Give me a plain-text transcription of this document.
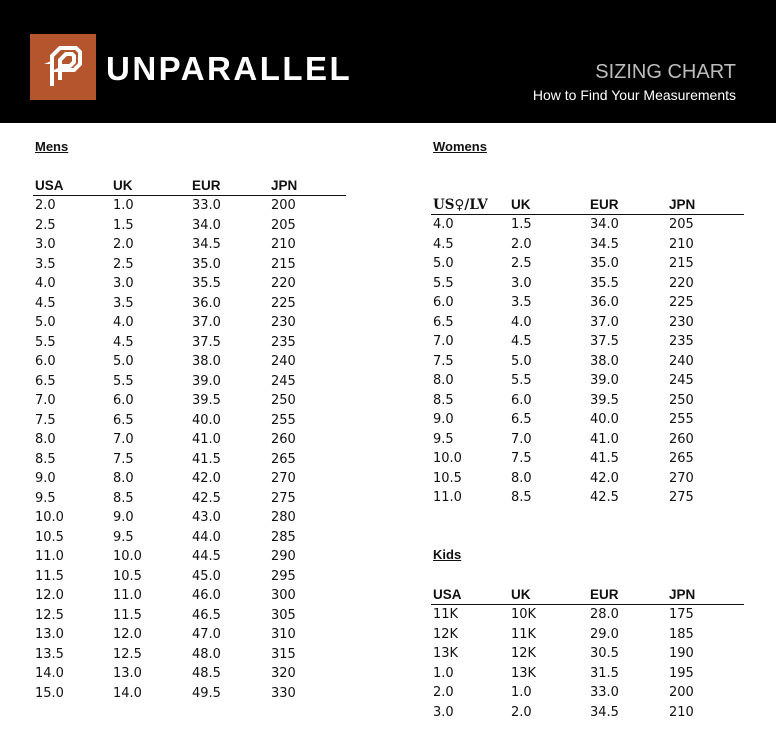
UNPARALLEL	SIZING CHART
How to Find Your Measurements
Mens
USA	UK	EUR	JPN
2.0	1.0	33.0	200
2.5	1.5	34.0	205
3.0	2.0	34.5	210
3.5	2.5	35.0	215
4.0	3.0	35.5	220
4.5	3.5	36.0	225
5.0	4.0	37.0	230
5.5	4.5	37.5	235
6.0	5.0	38.0	240
6.5	5.5	39.0	245
7.0	6.0	39.5	250
7.5	6.5	40.0	255
8.0	7.0	41.0	260
8.5	7.5	41.5	265
9.0	8.0	42.0	270
9.5	8.5	42.5	275
10.0	9.0	43.0	280
10.5	9.5	44.0	285
11.0	10.0	44.5	290
11.5	10.5	45.0	295
12.0	11.0	46.0	300
12.5	11.5	46.5	305
13.0	12.0	47.0	310
13.5	12.5	48.0	315
14.0	13.0	48.5	320
15.0	14.0	49.5	330
Womens
US♀/LV	UK	EUR	JPN
4.0	1.5	34.0	205
4.5	2.0	34.5	210
5.0	2.5	35.0	215
5.5	3.0	35.5	220
6.0	3.5	36.0	225
6.5	4.0	37.0	230
7.0	4.5	37.5	235
7.5	5.0	38.0	240
8.0	5.5	39.0	245
8.5	6.0	39.5	250
9.0	6.5	40.0	255
9.5	7.0	41.0	260
10.0	7.5	41.5	265
10.5	8.0	42.0	270
11.0	8.5	42.5	275
Kids
USA	UK	EUR	JPN
11K	10K	28.0	175
12K	11K	29.0	185
13K	12K	30.5	190
1.0	13K	31.5	195
2.0	1.0	33.0	200
3.0	2.0	34.5	210
